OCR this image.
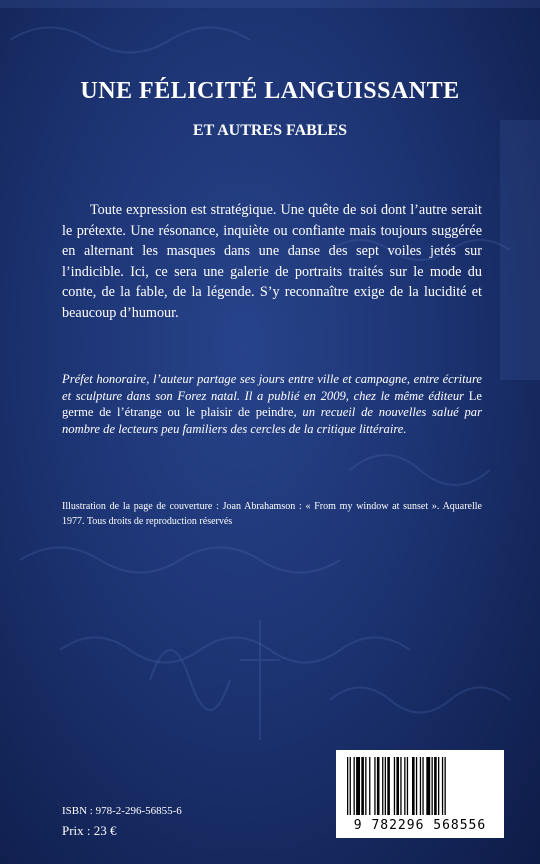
UNE FÉLICITÉ LANGUISSANTE
ET AUTRES FABLES

Toute expression est stratégique. Une quête de soi dont l’autre serait le prétexte. Une résonance, inquiète ou confiante mais toujours suggérée en alternant les masques dans une danse des sept voiles jetés sur l’indicible. Ici, ce sera une galerie de portraits traités sur le mode du conte, de la fable, de la légende. S’y reconnaître exige de la lucidité et beaucoup d’humour.

Préfet honoraire, l’auteur partage ses jours entre ville et campagne, entre écriture et sculpture dans son Forez natal. Il a publié en 2009, chez le même éditeur Le germe de l’étrange ou le plaisir de peindre, un recueil de nouvelles salué par nombre de lecteurs peu familiers des cercles de la critique littéraire.

Illustration de la page de couverture : Joan Abrahamson : « From my window at sunset ». Aquarelle 1977. Tous droits de reproduction réservés

ISBN : 978-2-296-56855-6

Prix : 23 €	9 782296 568556
